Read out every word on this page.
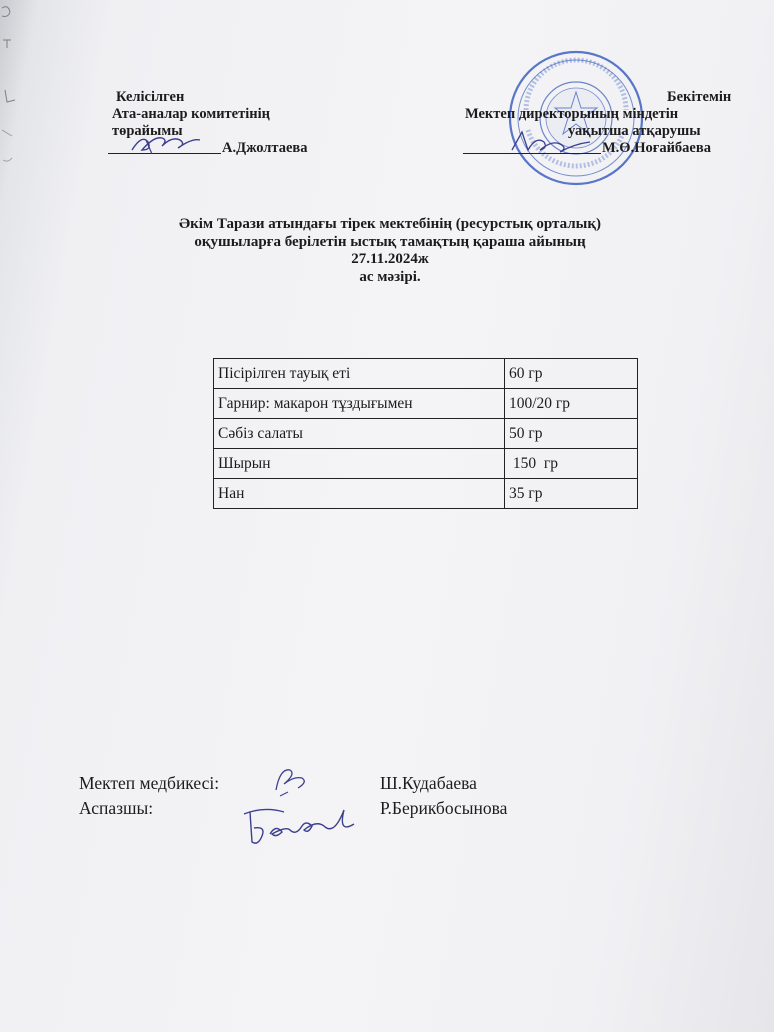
Келісілген
Ата-аналар комитетінің
төрайымы
А.Джолтаева
Бекітемін
Мектеп директорының міндетін
уақытша атқарушы
М.Ө.Ноғайбаева
Әкім Тарази атындағы тірек мектебінің (ресурстық орталық)
оқушыларға берілетін ыстық тамақтың қараша айының
27.11.2024ж
ас мәзірі.
Пісірілген тауық еті	60 гр
Гарнир: макарон тұздығымен	100/20 гр
Сәбіз салаты	50 гр
Шырын	150  гр
Нан	35 гр
Мектеп медбикесі:	Ш.Кудабаева
Аспазшы:	Р.Берикбосынова
